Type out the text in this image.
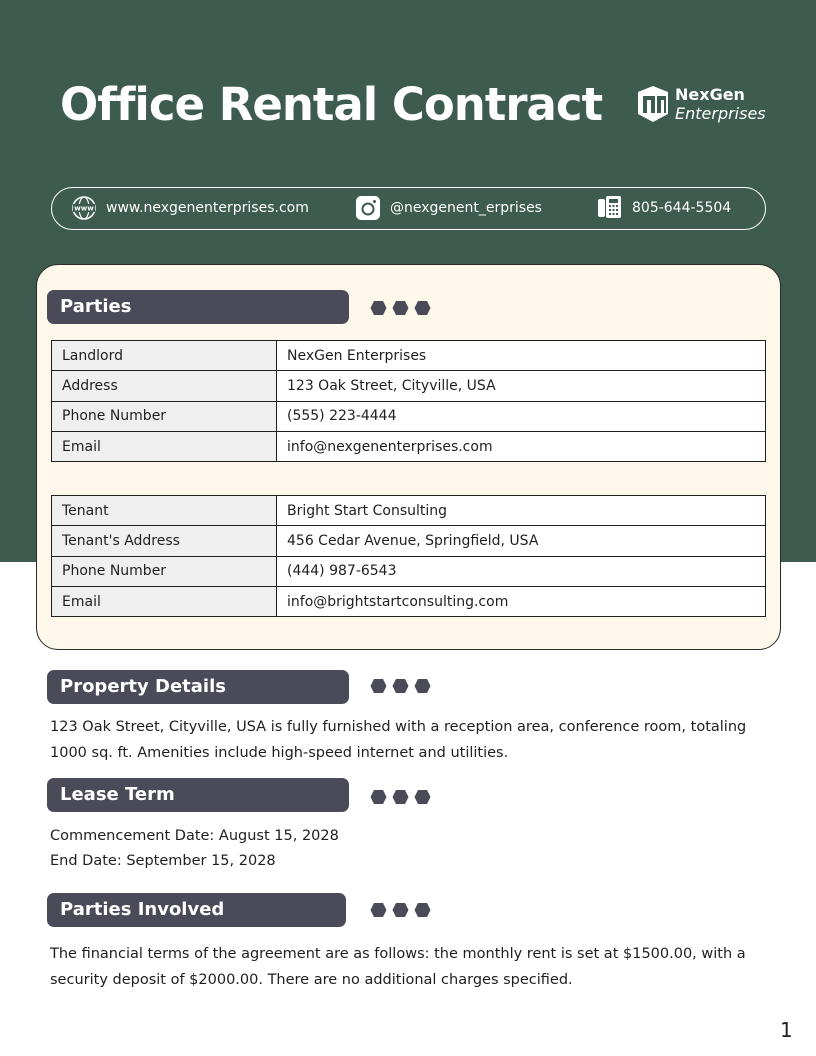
Office Rental Contract	NexGen
Enterprises
www www.nexgenenterprises.com	@nexgenent_erprises	805-644-5504
Parties
Landlord	NexGen Enterprises
Address	123 Oak Street, Cityville, USA
Phone Number	(555) 223-4444
Email	info@nexgenenterprises.com
Tenant	Bright Start Consulting
Tenant's Address	456 Cedar Avenue, Springfield, USA
Phone Number	(444) 987-6543
Email	info@brightstartconsulting.com
Property Details

123 Oak Street, Cityville, USA is fully furnished with a reception area, conference room, totaling 1000 sq. ft. Amenities include high-speed internet and utilities.

Lease Term
Commencement Date: August 15, 2028
End Date: September 15, 2028
Parties Involved

The financial terms of the agreement are as follows: the monthly rent is set at $1500.00, with a security deposit of $2000.00. There are no additional charges specified.

1
